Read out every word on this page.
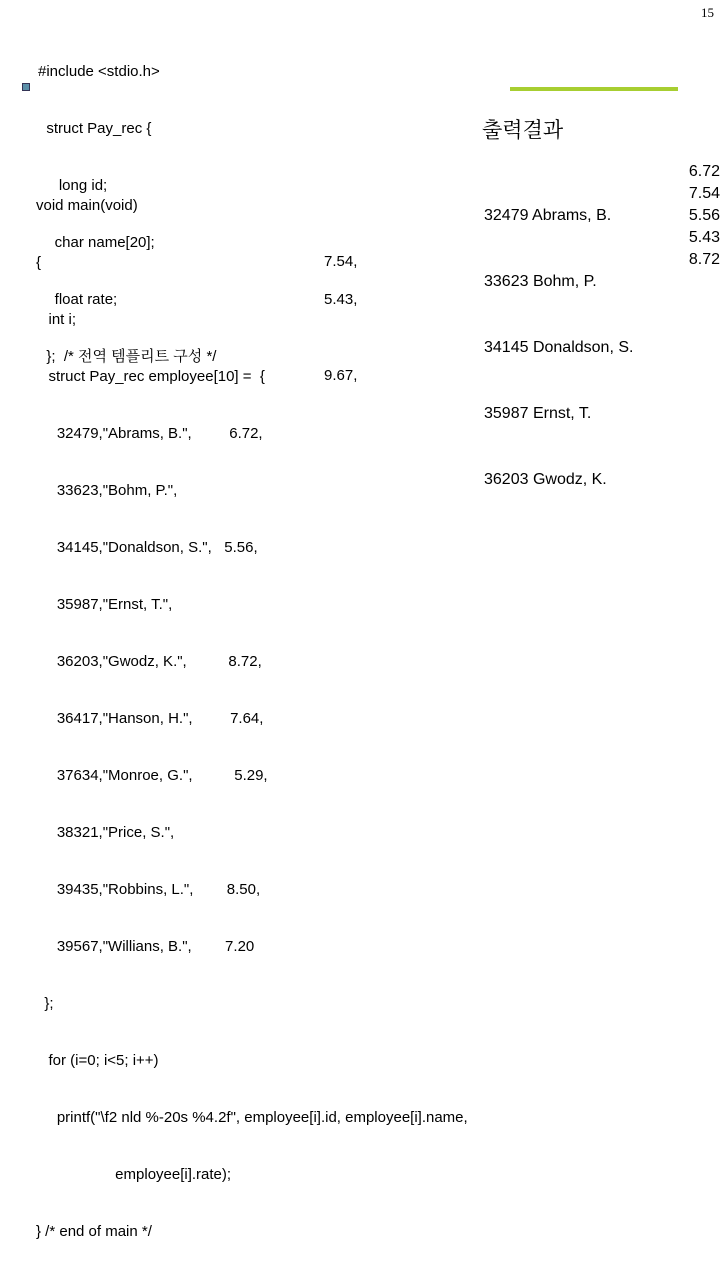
15

#include <stdio.h>

struct Pay_rec {

long id;

char name[20];

float rate;

};  /* 전역 템플리트 구성 */

출력결과

void main(void)

{

int i;

struct Pay_rec employee[10] =  {

32479,"Abrams, B.",         6.72,

33623,"Bohm, P.",

34145,"Donaldson, S.",   5.56,

35987,"Ernst, T.",

36203,"Gwodz, K.",          8.72,

36417,"Hanson, H.",         7.64,

37634,"Monroe, G.",          5.29,

38321,"Price, S.",

39435,"Robbins, L.",        8.50,

39567,"Willians, B.",        7.20

};

for (i=0; i<5; i++)

printf("\f2 nld %-20s %4.2f", employee[i].id, employee[i].name,

employee[i].rate);

} /* end of main */

7.54,
5.43,
9.67,

32479 Abrams, B.

33623 Bohm, P.

34145 Donaldson, S.

35987 Ernst, T.

36203 Gwodz, K.

6.72
7.54
5.56
5.43
8.72
